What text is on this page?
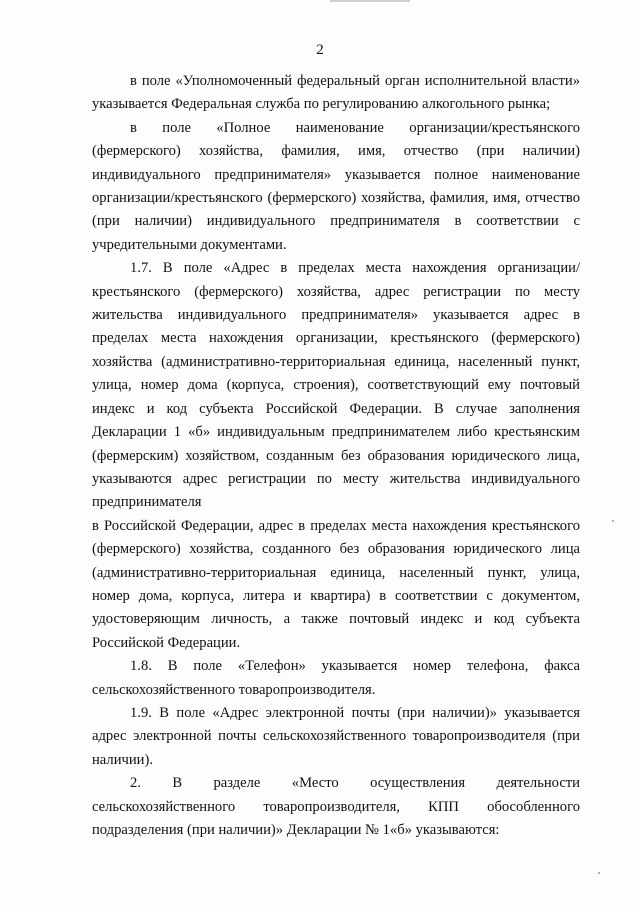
2

в поле «Уполномоченный федеральный орган исполнительной власти» указывается Федеральная служба по регулированию алкогольного рынка;

в поле «Полное наименование организации/крестьянского (фермерского) хозяйства, фамилия, имя, отчество (при наличии) индивидуального предпринимателя» указывается полное наименование организации/крестьянского (фермерского) хозяйства, фамилия, имя, отчество (при наличии) индивидуального предпринимателя в соответствии с учредительными документами.

1.7. В поле «Адрес в пределах места нахождения организации/ крестьянского (фермерского) хозяйства, адрес регистрации по месту жительства индивидуального предпринимателя» указывается адрес в пределах места нахождения организации, крестьянского (фермерского) хозяйства (административно-территориальная единица, населенный пункт, улица, номер дома (корпуса, строения), соответствующий ему почтовый индекс и код субъекта Российской Федерации. В случае заполнения Декларации 1 «б» индивидуальным предпринимателем либо крестьянским (фермерским) хозяйством, созданным без образования юридического лица, указываются адрес регистрации по месту жительства индивидуального предпринимателя

в Российской Федерации, адрес в пределах места нахождения крестьянского (фермерского) хозяйства, созданного без образования юридического лица (административно-территориальная единица, населенный пункт, улица, номер дома, корпуса, литера и квартира) в соответствии с документом, удостоверяющим личность, а также почтовый индекс и код субъекта Российской Федерации.

1.8. В поле «Телефон» указывается номер телефона, факса сельскохозяйственного товаропроизводителя.

1.9. В поле «Адрес электронной почты (при наличии)» указывается адрес электронной почты сельскохозяйственного товаропроизводителя (при наличии).

2. В разделе «Место осуществления деятельности сельскохозяйственного товаропроизводителя, КПП обособленного подразделения (при наличии)» Декларации № 1«б» указываются:
